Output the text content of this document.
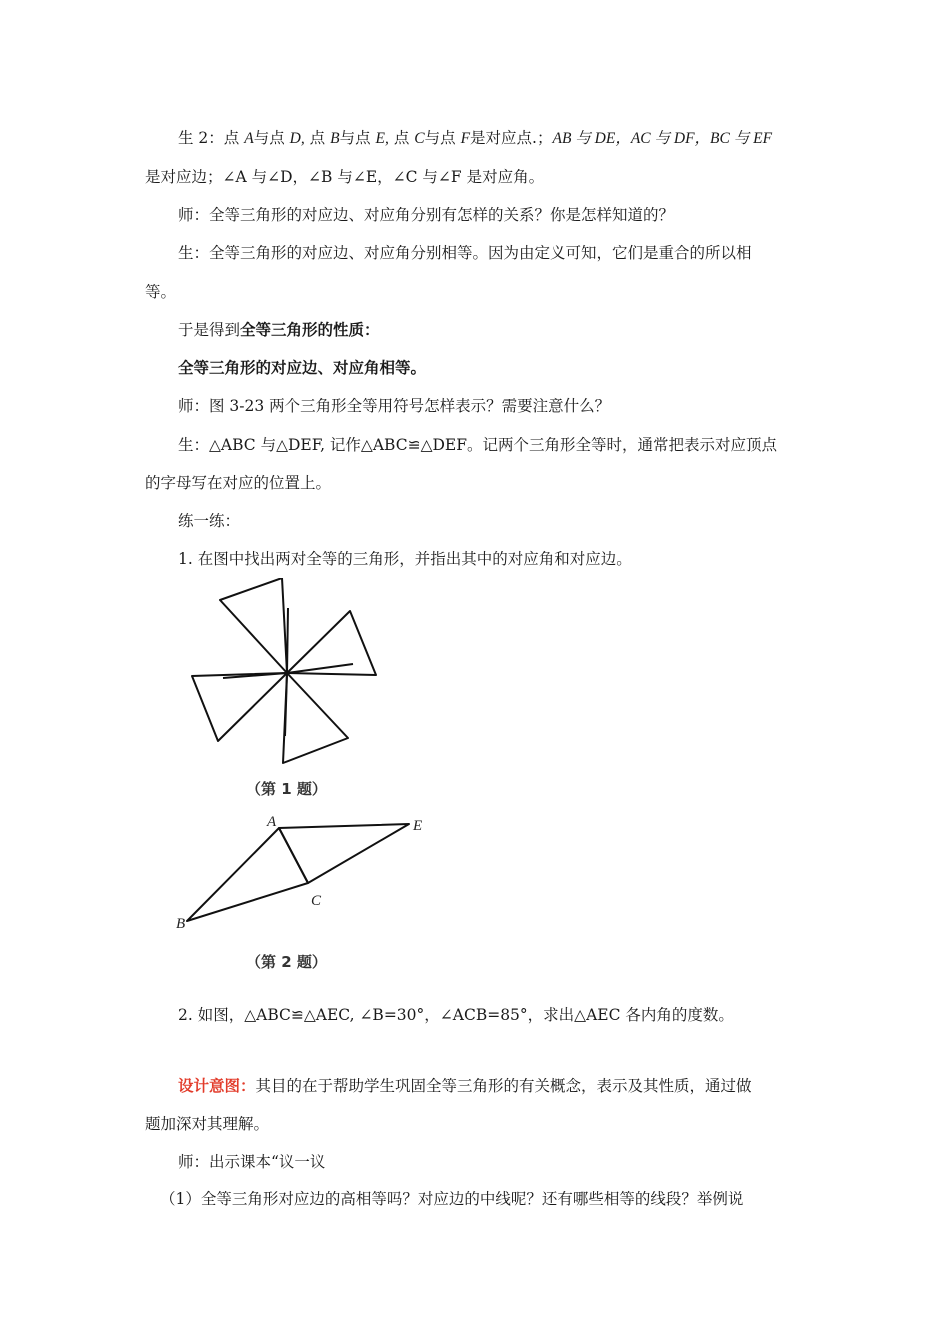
生 2：点 A与点 D, 点 B与点 E, 点 C与点 F是对应点.；AB 与 DE，AC 与 DF，BC 与 EF
是对应边；∠A 与∠D，∠B 与∠E，∠C 与∠F 是对应角。
师：全等三角形的对应边、对应角分别有怎样的关系？你是怎样知道的？
生：全等三角形的对应边、对应角分别相等。因为由定义可知，它们是重合的所以相
等。
于是得到全等三角形的性质：
全等三角形的对应边、对应角相等。
师：图 3-23 两个三角形全等用符号怎样表示？需要注意什么？
生：△ABC 与△DEF, 记作△ABC≌△DEF。记两个三角形全等时，通常把表示对应顶点
的字母写在对应的位置上。
练一练：
1. 在图中找出两对全等的三角形，并指出其中的对应角和对应边。
（第 1 题）
A
B
C
E
（第 2 题）
2. 如图，△ABC≌△AEC, ∠B=30°，∠ACB=85°，求出△AEC 各内角的度数。
设计意图：其目的在于帮助学生巩固全等三角形的有关概念，表示及其性质，通过做
题加深对其理解。
师：出示课本“议一议
（1）全等三角形对应边的高相等吗？对应边的中线呢？还有哪些相等的线段？举例说
